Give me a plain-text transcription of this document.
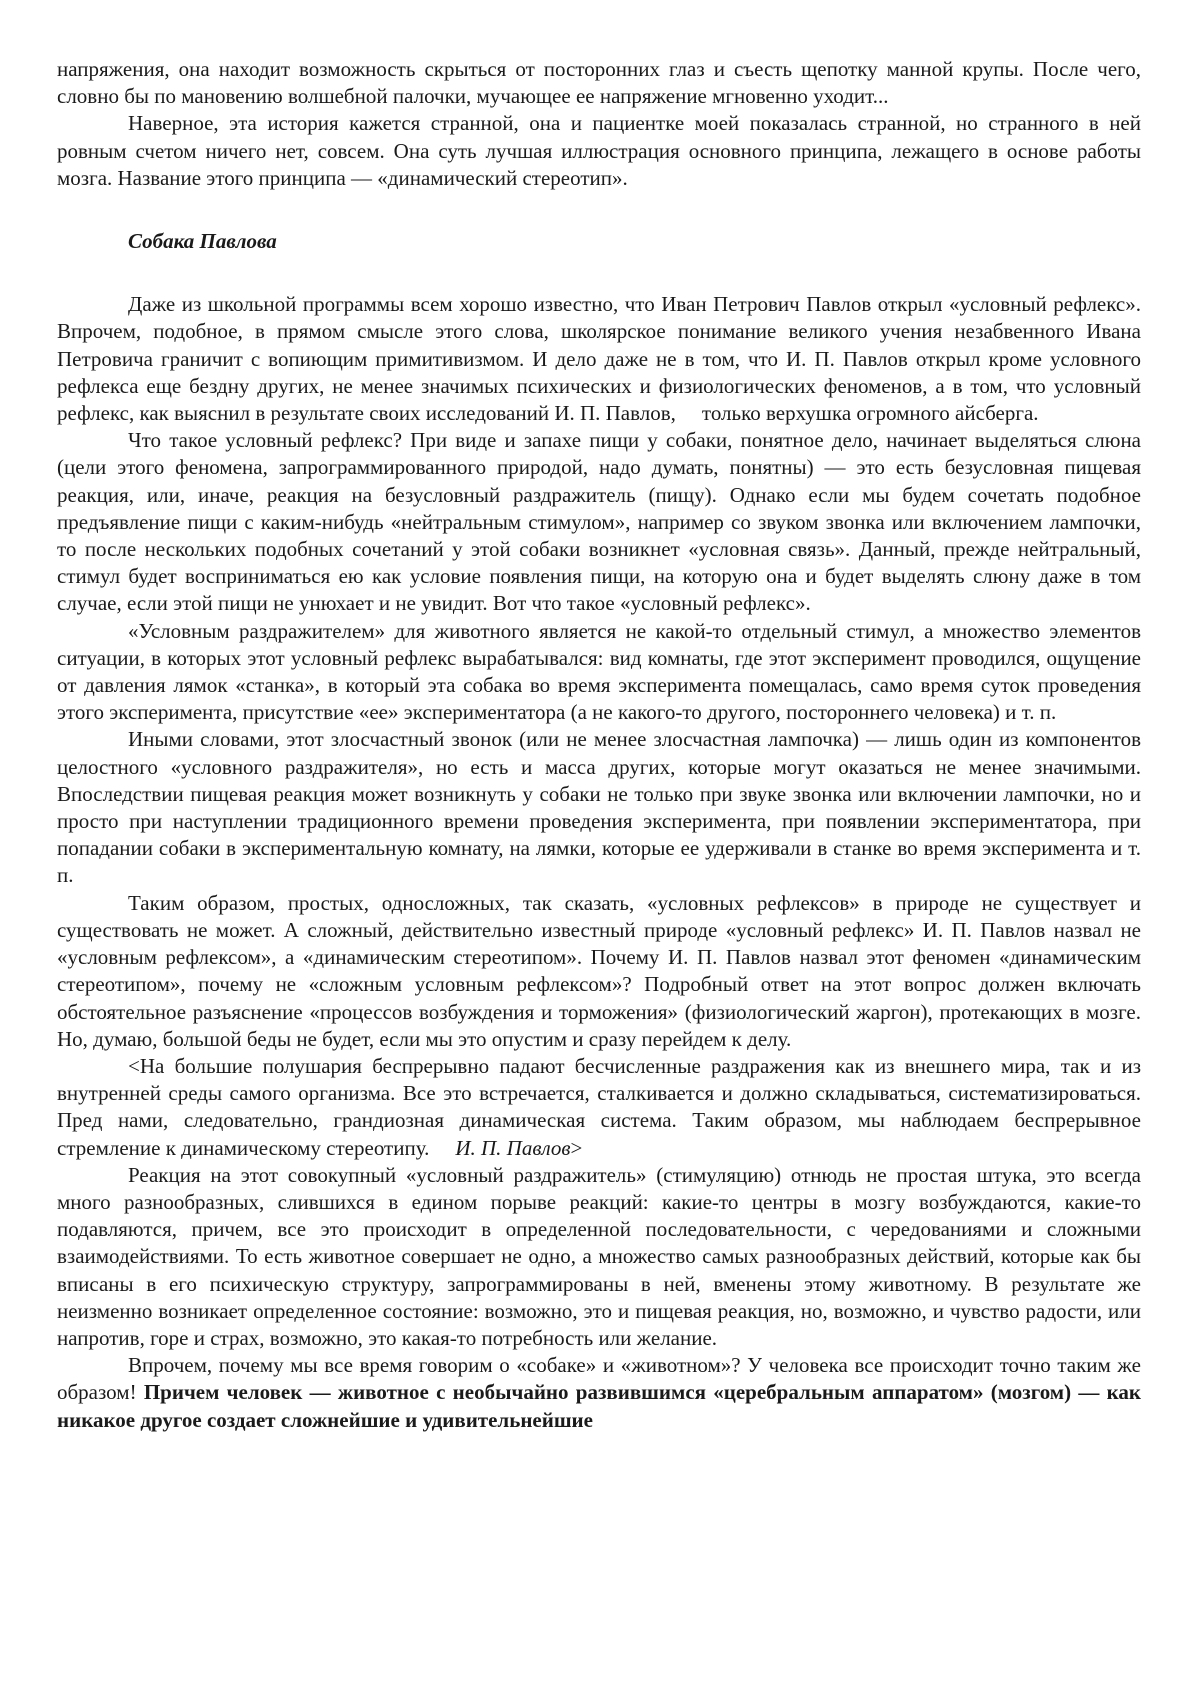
напряжения, она находит возможность скрыться от посторонних глаз и съесть щепотку манной крупы. После чего, словно бы по мановению волшебной палочки, мучающее ее напряжение мгновенно уходит...

Наверное, эта история кажется странной, она и пациентке моей показалась странной, но странного в ней ровным счетом ничего нет, совсем. Она суть лучшая иллюстрация основного принципа, лежащего в основе работы мозга. Название этого принципа — «динамический стереотип».

Собака Павлова

Даже из школьной программы всем хорошо известно, что Иван Петрович Павлов открыл «условный рефлекс». Впрочем, подобное, в прямом смысле этого слова, школярское понимание великого учения незабвенного Ивана Петровича граничит с вопиющим примитивизмом. И дело даже не в том, что И. П. Павлов открыл кроме условного рефлекса еще бездну других, не менее значимых психических и физиологических феноменов, а в том, что условный рефлекс, как выяснил в результате своих исследований И. П. Павлов, только верхушка огромного айсберга.

Что такое условный рефлекс? При виде и запахе пищи у собаки, понятное дело, начинает выделяться слюна (цели этого феномена, запрограммированного природой, надо думать, понятны) — это есть безусловная пищевая реакция, или, иначе, реакция на безусловный раздражитель (пищу). Однако если мы будем сочетать подобное предъявление пищи с каким-нибудь «нейтральным стимулом», например со звуком звонка или включением лампочки, то после нескольких подобных сочетаний у этой собаки возникнет «условная связь». Данный, прежде нейтральный, стимул будет восприниматься ею как условие появления пищи, на которую она и будет выделять слюну даже в том случае, если этой пищи не унюхает и не увидит. Вот что такое «условный рефлекс».

«Условным раздражителем» для животного является не какой-то отдельный стимул, а множество элементов ситуации, в которых этот условный рефлекс вырабатывался: вид комнаты, где этот эксперимент проводился, ощущение от давления лямок «станка», в который эта собака во время эксперимента помещалась, само время суток проведения этого эксперимента, присутствие «ее» экспериментатора (а не какого-то другого, постороннего человека) и т. п.

Иными словами, этот злосчастный звонок (или не менее злосчастная лампочка) — лишь один из компонентов целостного «условного раздражителя», но есть и масса других, которые могут оказаться не менее значимыми. Впоследствии пищевая реакция может возникнуть у собаки не только при звуке звонка или включении лампочки, но и просто при наступлении традиционного времени проведения эксперимента, при появлении экспериментатора, при попадании собаки в экспериментальную комнату, на лямки, которые ее удерживали в станке во время эксперимента и т. п.

Таким образом, простых, односложных, так сказать, «условных рефлексов» в природе не существует и существовать не может. А сложный, действительно известный природе «условный рефлекс» И. П. Павлов назвал не «условным рефлексом», а «динамическим стереотипом». Почему И. П. Павлов назвал этот феномен «динамическим стереотипом», почему не «сложным условным рефлексом»? Подробный ответ на этот вопрос должен включать обстоятельное разъяснение «процессов возбуждения и торможения» (физиологический жаргон), протекающих в мозге. Но, думаю, большой беды не будет, если мы это опустим и сразу перейдем к делу.

<На большие полушария беспрерывно падают бесчисленные раздражения как из внешнего мира, так и из внутренней среды самого организма. Все это встречается, сталкивается и должно складываться, систематизироваться. Пред нами, следовательно, грандиозная динамическая система. Таким образом, мы наблюдаем беспрерывное стремление к динамическому стереотипу. И. П. Павлов>

Реакция на этот совокупный «условный раздражитель» (стимуляцию) отнюдь не простая штука, это всегда много разнообразных, слившихся в едином порыве реакций: какие-то центры в мозгу возбуждаются, какие-то подавляются, причем, все это происходит в определенной последовательности, с чередованиями и сложными взаимодействиями. То есть животное совершает не одно, а множество самых разнообразных действий, которые как бы вписаны в его психическую структуру, запрограммированы в ней, вменены этому животному. В результате же неизменно возникает определенное состояние: возможно, это и пищевая реакция, но, возможно, и чувство радости, или напротив, горе и страх, возможно, это какая-то потребность или желание.

Впрочем, почему мы все время говорим о «собаке» и «животном»? У человека все происходит точно таким же образом! Причем человек — животное с необычайно развившимся «церебральным аппаратом» (мозгом) — как никакое другое создает сложнейшие и удивительнейшие
